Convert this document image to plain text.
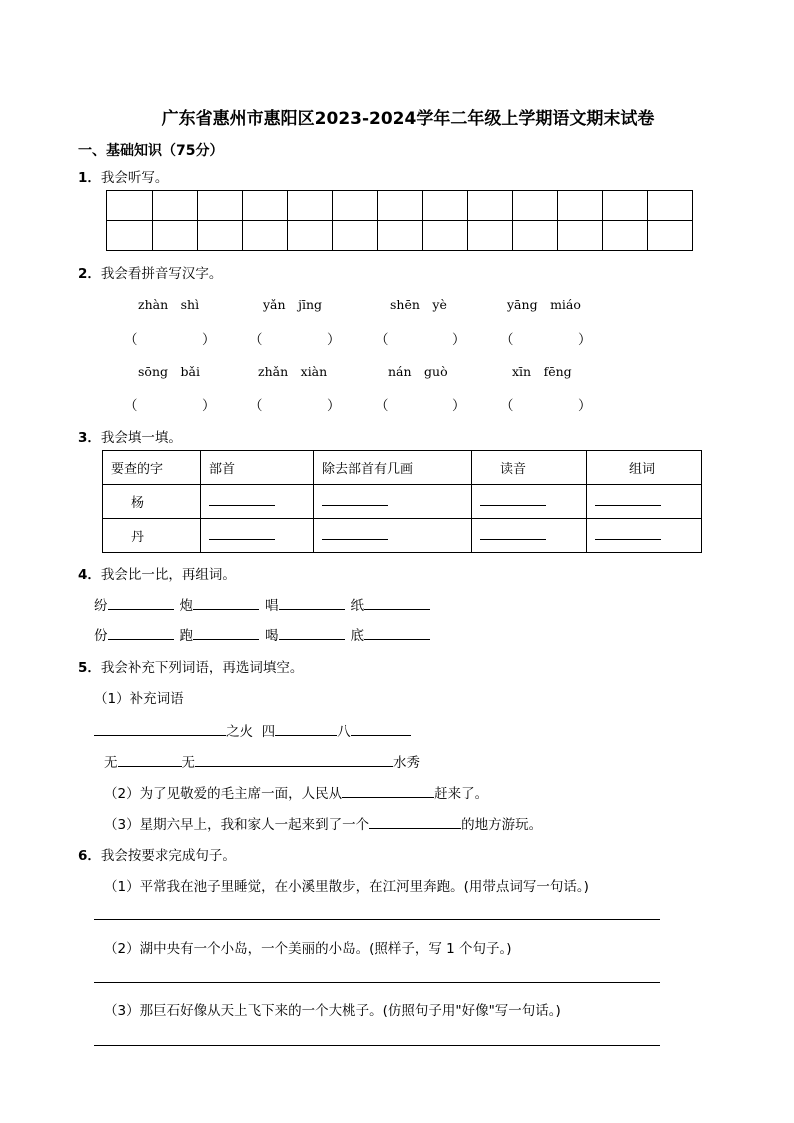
广东省惠州市惠阳区2023-2024学年二年级上学期语文期末试卷
一、基础知识（75分）
1．我会听写。

2．我会看拼音写汉字。
zhàn　shì	yǎn　jīng	shēn　yè	yāng　miáo
（	） （	）	（	）	（	）
sōng　bǎi	zhǎn　xiàn	nán　guò	xīn　fēng
（	） （	）	（	）	（	）
3．我会填一填。
要查的字	部首	除去部首有几画	读音	组词
杨				
丹				
4．我会比一比，再组词。
纷	炮	唱	纸
份	跑	喝	底
5．我会补充下列词语，再选词填空。
（1）补充词语
之火 四	八
无	无	水秀
（2）为了见敬爱的毛主席一面，人民从	赶来了。
（3）星期六早上，我和家人一起来到了一个	的地方游玩。
6．我会按要求完成句子。
（1）平常我在池子里睡觉，在小溪里散步，在江河里奔跑。(用带点词写一句话。)
（2）湖中央有一个小岛，一个美丽的小岛。(照样子，写 1 个句子。)
（3）那巨石好像从天上飞下来的一个大桃子。(仿照句子用"好像"写一句话。)
